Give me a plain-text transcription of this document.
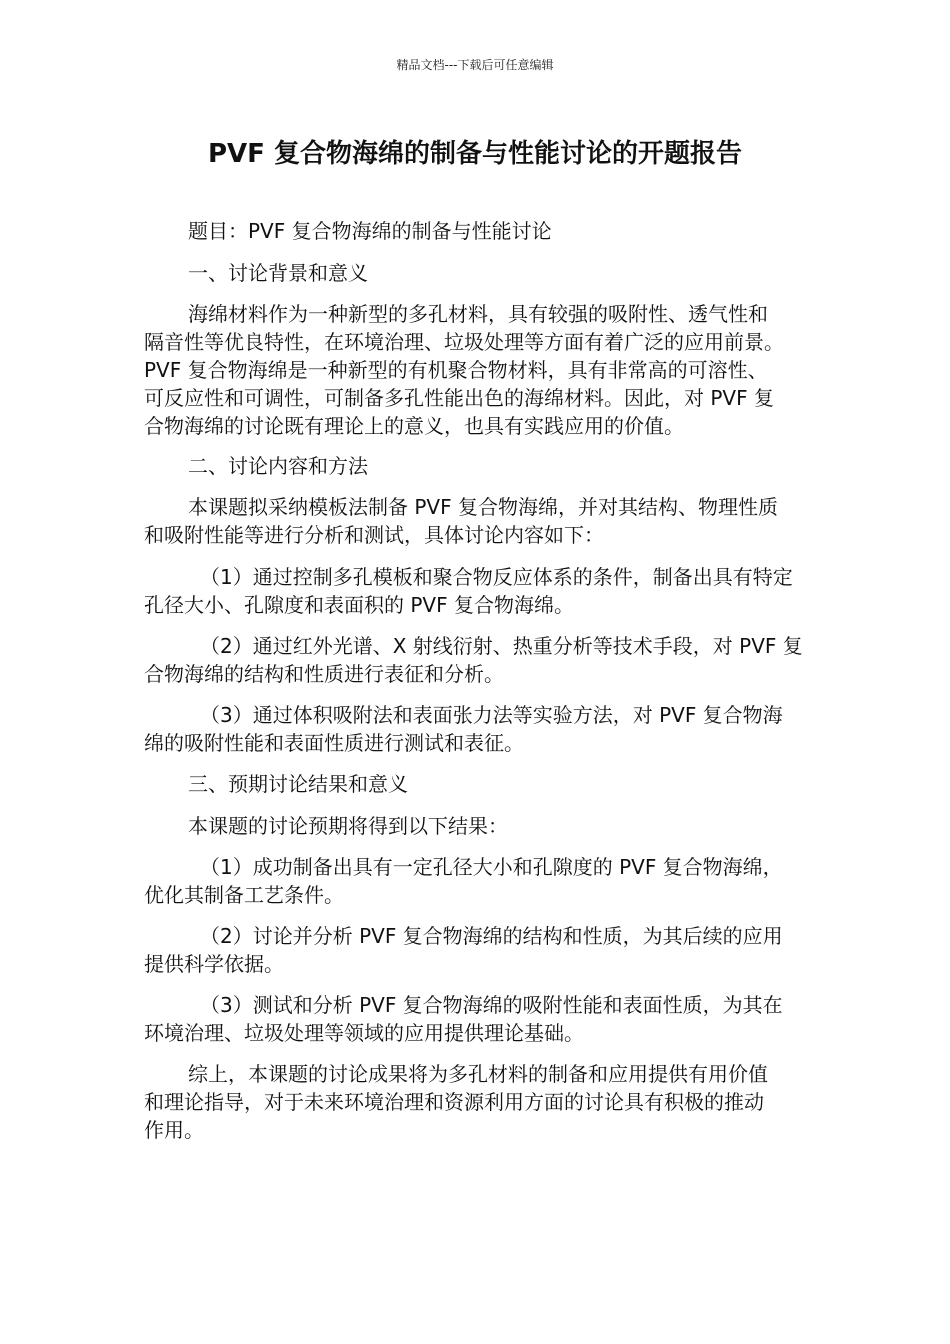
精品文档---下载后可任意编辑
PVF 复合物海绵的制备与性能讨论的开题报告

题目：PVF 复合物海绵的制备与性能讨论

一、讨论背景和意义

海绵材料作为一种新型的多孔材料，具有较强的吸附性、透气性和
隔音性等优良特性，在环境治理、垃圾处理等方面有着广泛的应用前景。
PVF 复合物海绵是一种新型的有机聚合物材料，具有非常高的可溶性、
可反应性和可调性，可制备多孔性能出色的海绵材料。因此，对 PVF 复
合物海绵的讨论既有理论上的意义，也具有实践应用的价值。

二、讨论内容和方法

本课题拟采纳模板法制备 PVF 复合物海绵，并对其结构、物理性质
和吸附性能等进行分析和测试，具体讨论内容如下：

（1）通过控制多孔模板和聚合物反应体系的条件，制备出具有特定
孔径大小、孔隙度和表面积的 PVF 复合物海绵。

（2）通过红外光谱、X 射线衍射、热重分析等技术手段，对 PVF 复
合物海绵的结构和性质进行表征和分析。

（3）通过体积吸附法和表面张力法等实验方法，对 PVF 复合物海
绵的吸附性能和表面性质进行测试和表征。

三、预期讨论结果和意义

本课题的讨论预期将得到以下结果：

（1）成功制备出具有一定孔径大小和孔隙度的 PVF 复合物海绵，
优化其制备工艺条件。

（2）讨论并分析 PVF 复合物海绵的结构和性质，为其后续的应用
提供科学依据。

（3）测试和分析 PVF 复合物海绵的吸附性能和表面性质，为其在
环境治理、垃圾处理等领域的应用提供理论基础。

综上，本课题的讨论成果将为多孔材料的制备和应用提供有用价值
和理论指导，对于未来环境治理和资源利用方面的讨论具有积极的推动
作用。
